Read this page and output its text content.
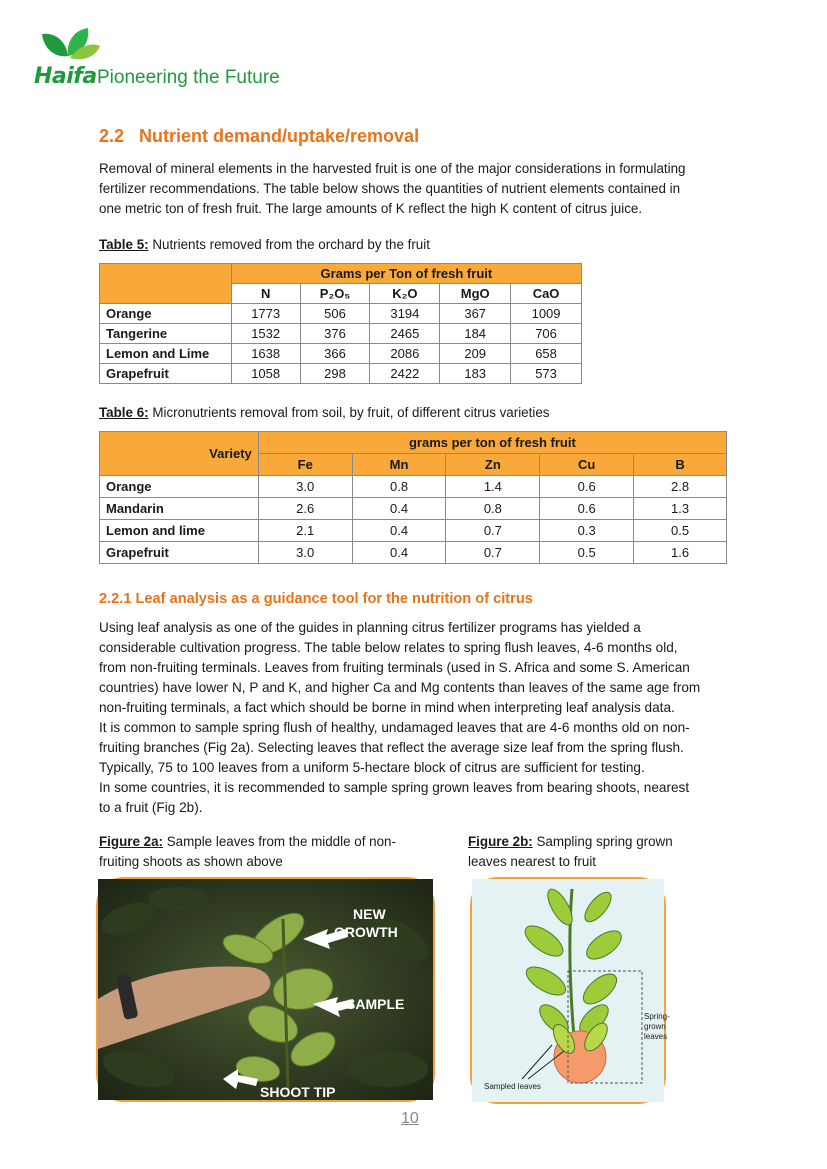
Haifa Pioneering the Future
2.2 Nutrient demand/uptake/removal
Removal of mineral elements in the harvested fruit is one of the major considerations in formulating
fertilizer recommendations. The table below shows the quantities of nutrient elements contained in
one metric ton of fresh fruit. The large amounts of K reflect the high K content of citrus juice.
Table 5: Nutrients removed from the orchard by the fruit
	Grams per Ton of fresh fruit				
	N	P₂O₅	K₂O	MgO	CaO
Orange	1773	506	3194	367	1009
Tangerine	1532	376	2465	184	706
Lemon and Lime	1638	366	2086	209	658
Grapefruit	1058	298	2422	183	573
Table 6: Micronutrients removal from soil, by fruit, of different citrus varieties
Variety	grams per ton of fresh fruit				
	Fe	Mn	Zn	Cu	B
Orange	3.0	0.8	1.4	0.6	2.8
Mandarin	2.6	0.4	0.8	0.6	1.3
Lemon and lime	2.1	0.4	0.7	0.3	0.5
Grapefruit	3.0	0.4	0.7	0.5	1.6
2.2.1 Leaf analysis as a guidance tool for the nutrition of citrus
Using leaf analysis as one of the guides in planning citrus fertilizer programs has yielded a
considerable cultivation progress. The table below relates to spring flush leaves, 4-6 months old,
from non-fruiting terminals. Leaves from fruiting terminals (used in S. Africa and some S. American
countries) have lower N, P and K, and higher Ca and Mg contents than leaves of the same age from
non-fruiting terminals, a fact which should be borne in mind when interpreting leaf analysis data.
It is common to sample spring flush of healthy, undamaged leaves that are 4-6 months old on non-
fruiting branches (Fig 2a). Selecting leaves that reflect the average size leaf from the spring flush.
Typically, 75 to 100 leaves from a uniform 5-hectare block of citrus are sufficient for testing.
In some countries, it is recommended to sample spring grown leaves from bearing shoots, nearest
to a fruit (Fig 2b).
Figure 2a: Sample leaves from the middle of non-
fruiting shoots as shown above
Figure 2b: Sampling spring grown
leaves nearest to fruit
NEW
GROWTH
SAMPLE
SHOOT TIP
Spring-
grown
leaves
Sampled leaves
10
